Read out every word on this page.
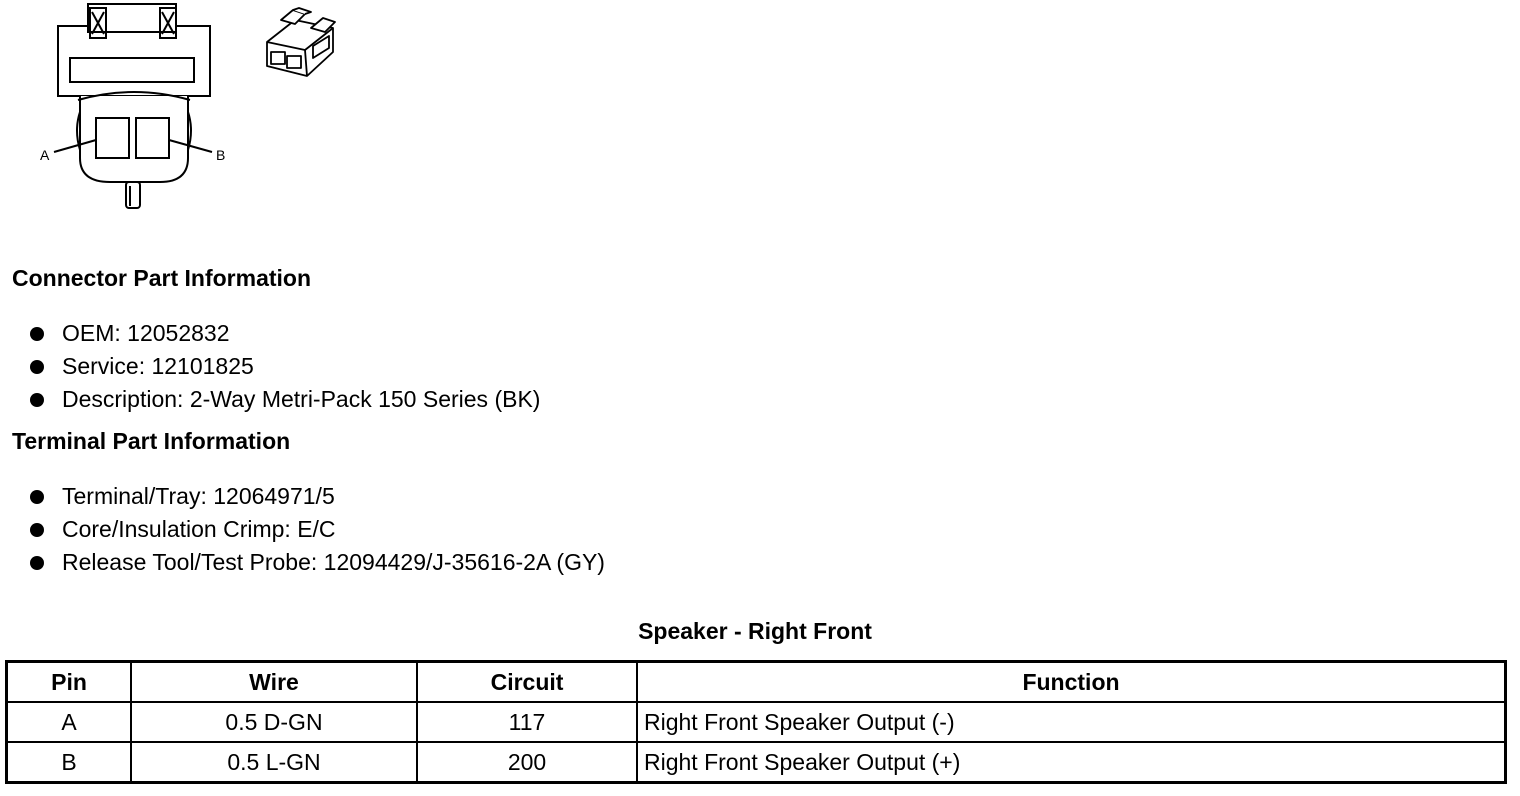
A	B
Connector Part Information
OEM: 12052832
Service: 12101825
Description: 2-Way Metri-Pack 150 Series (BK)
Terminal Part Information
Terminal/Tray: 12064971/5
Core/Insulation Crimp: E/C
Release Tool/Test Probe: 12094429/J-35616-2A (GY)
Speaker - Right Front
Pin	Wire	Circuit	Function
A	0.5 D-GN	117	Right Front Speaker Output (-)
B	0.5 L-GN	200	Right Front Speaker Output (+)
